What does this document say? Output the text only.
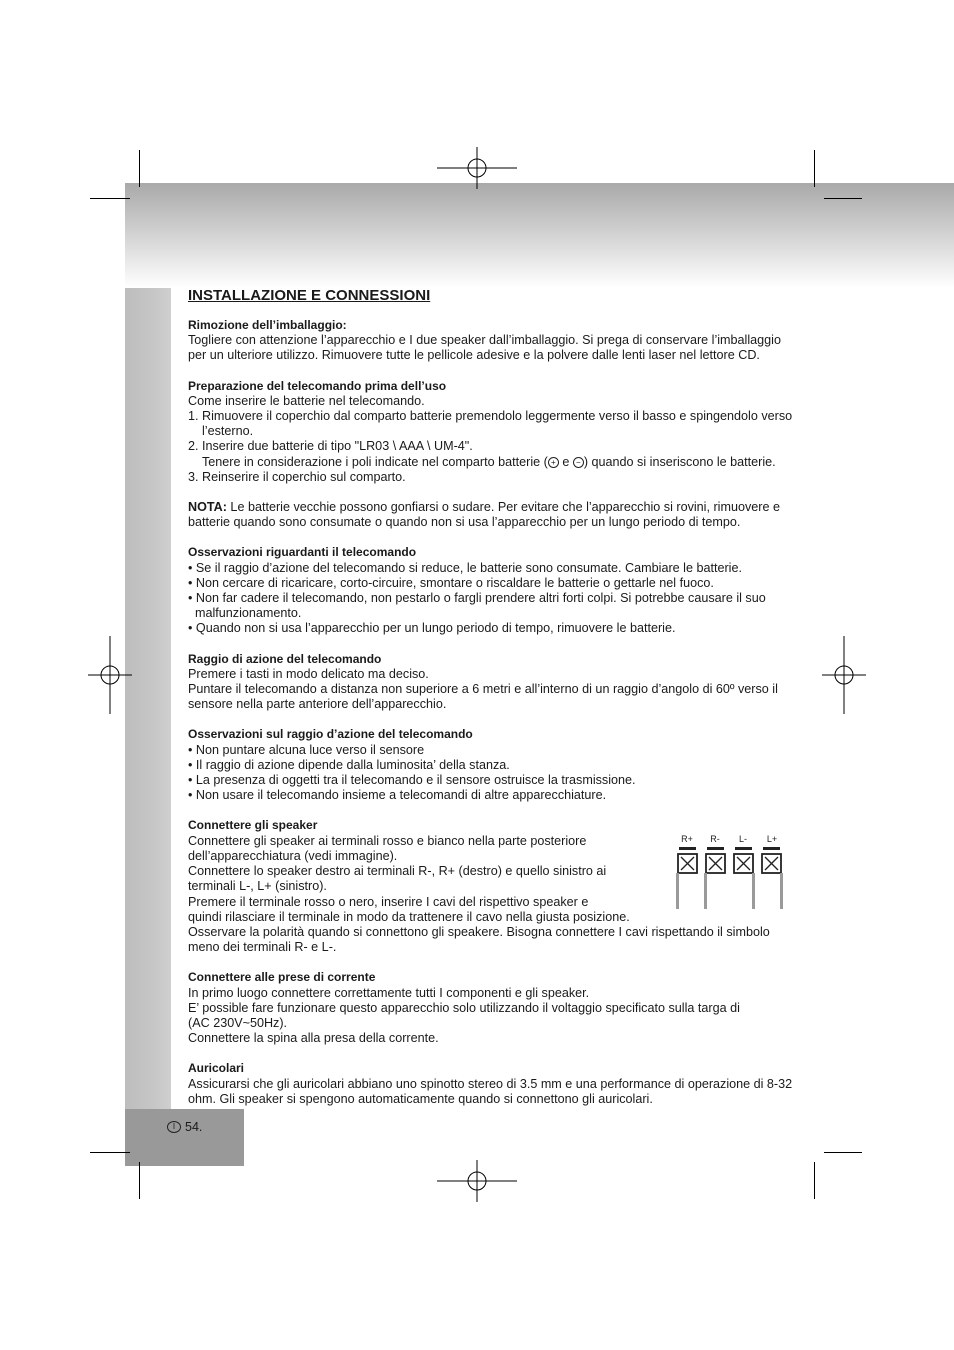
INSTALLAZIONE E CONNESSIONI
Rimozione dell’imballaggio:
Togliere con attenzione l’apparecchio e I due speaker dall’imballaggio. Si prega di conservare l’imballaggio
per un ulteriore utilizzo. Rimuovere tutte le pellicole adesive e la polvere dalle lenti laser nel lettore CD.
Preparazione del telecomando prima dell’uso
Come inserire le batterie nel telecomando.
1. Rimuovere il coperchio dal comparto batterie premendolo leggermente verso il basso e spingendolo verso
l’esterno.
2. Inserire due batterie di tipo "LR03 \ AAA \ UM-4".
Tenere in considerazione i poli indicate nel comparto batterie ( + e − ) quando si inseriscono le batterie.
3. Reinserire il coperchio sul comparto.
NOTA: Le batterie vecchie possono gonfiarsi o sudare. Per evitare che l’apparecchio si rovini, rimuovere e
batterie quando sono consumate o quando non si usa l’apparecchio per un lungo periodo di tempo.
Osservazioni riguardanti il telecomando
• Se il raggio d’azione del telecomando si reduce, le batterie sono consumate. Cambiare le batterie.
• Non cercare di ricaricare, corto-circuire, smontare o riscaldare le batterie o gettarle nel fuoco.
• Non far cadere il telecomando, non pestarlo o fargli prendere altri forti colpi. Si potrebbe causare il suo
malfunzionamento.
• Quando non si usa l’apparecchio per un lungo periodo di tempo, rimuovere le batterie.
Raggio di azione del telecomando
Premere i tasti in modo delicato ma deciso.
Puntare il telecomando a distanza non superiore a 6 metri e all’interno di un raggio d’angolo di 60º verso il
sensore nella parte anteriore dell’apparecchio.
Osservazioni sul raggio d’azione del telecomando
• Non puntare alcuna luce verso il sensore
• Il raggio di azione dipende dalla luminosita’ della stanza.
• La presenza di oggetti tra il telecomando e il sensore ostruisce la trasmissione.
• Non usare il telecomando insieme a telecomandi di altre apparecchiature.
Connettere gli speaker
Connettere gli speaker ai terminali rosso e bianco nella parte posteriore
dell’apparecchiatura (vedi immagine).
Connettere lo speaker destro ai terminali R-, R+ (destro) e quello sinistro ai
terminali L-, L+ (sinistro).
Premere il terminale rosso o nero, inserire I cavi del rispettivo speaker e
quindi rilasciare il terminale in modo da trattenere il cavo nella giusta posizione.
Osservare la polarità quando si connettono gli speakere. Bisogna connettere I cavi rispettando il simbolo
meno dei terminali R- e L-.
Connettere alle prese di corrente
In primo luogo connettere correttamente tutti I componenti e gli speaker.
E’ possible fare funzionare questo apparecchio solo utilizzando il voltaggio specificato sulla targa di
(AC 230V~50Hz).
Connettere la spina alla presa della corrente.
Auricolari
Assicurarsi che gli auricolari abbiano uno spinotto stereo di 3.5 mm e una performance di operazione di 8-32
ohm. Gli speaker si spengono automaticamente quando si connettono gli auricolari.
R+ R- L- L+
I 54.
